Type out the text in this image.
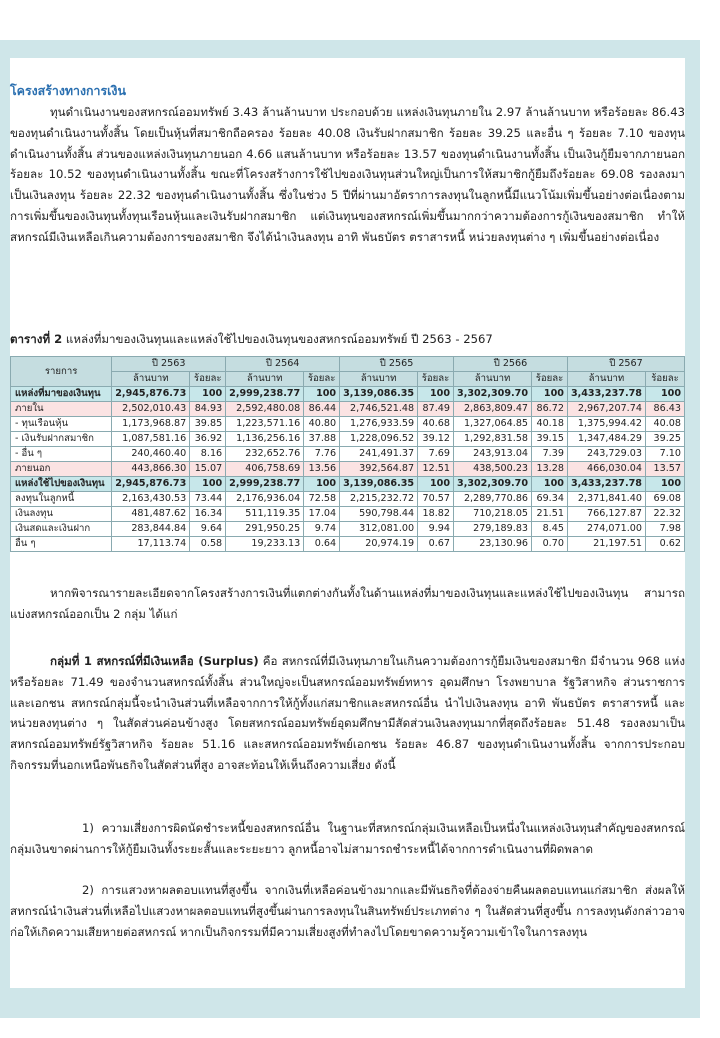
โครงสร้างทางการเงิน

ทุนดำเนินงานของสหกรณ์ออมทรัพย์ 3.43 ล้านล้านบาท ประกอบด้วย แหล่งเงินทุนภายใน 2.97 ล้านล้านบาท หรือร้อยละ 86.43 ของทุนดำเนินงานทั้งสิ้น โดยเป็นหุ้นที่สมาชิกถือครอง ร้อยละ 40.08 เงินรับฝากสมาชิก ร้อยละ 39.25 และอื่น ๆ ร้อยละ 7.10 ของทุนดำเนินงานทั้งสิ้น ส่วนของแหล่งเงินทุนภายนอก 4.66 แสนล้านบาท หรือร้อยละ 13.57 ของทุนดำเนินงานทั้งสิ้น เป็นเงินกู้ยืมจากภายนอก ร้อยละ 10.52 ของทุนดำเนินงานทั้งสิ้น ขณะที่โครงสร้างการใช้ไปของเงินทุนส่วนใหญ่เป็นการให้สมาชิกกู้ยืมถึงร้อยละ 69.08 รองลงมาเป็นเงินลงทุน ร้อยละ 22.32 ของทุนดำเนินงานทั้งสิ้น ซึ่งในช่วง 5 ปีที่ผ่านมาอัตราการลงทุนในลูกหนี้มีแนวโน้มเพิ่มขึ้นอย่างต่อเนื่องตามการเพิ่มขึ้นของเงินทุนทั้งทุนเรือนหุ้นและเงินรับฝากสมาชิก แต่เงินทุนของสหกรณ์เพิ่มขึ้นมากกว่าความต้องการกู้เงินของสมาชิก ทำให้สหกรณ์มีเงินเหลือเกินความต้องการของสมาชิก จึงได้นำเงินลงทุน อาทิ พันธบัตร ตราสารหนี้ หน่วยลงทุนต่าง ๆ เพิ่มขึ้นอย่างต่อเนื่อง

ตารางที่ 2 แหล่งที่มาของเงินทุนและแหล่งใช้ไปของเงินทุนของสหกรณ์ออมทรัพย์ ปี 2563 - 2567
รายการ	ปี 2563		ปี 2564		ปี 2565		ปี 2566		ปี 2567	
	ล้านบาท	ร้อยละ	ล้านบาท	ร้อยละ	ล้านบาท	ร้อยละ	ล้านบาท	ร้อยละ	ล้านบาท	ร้อยละ
แหล่งที่มาของเงินทุน	2,945,876.73	100	2,999,238.77	100	3,139,086.35	100	3,302,309.70	100	3,433,237.78	100
ภายใน	2,502,010.43	84.93	2,592,480.08	86.44	2,746,521.48	87.49	2,863,809.47	86.72	2,967,207.74	86.43
- ทุนเรือนหุ้น	1,173,968.87	39.85	1,223,571.16	40.80	1,276,933.59	40.68	1,327,064.85	40.18	1,375,994.42	40.08
- เงินรับฝากสมาชิก	1,087,581.16	36.92	1,136,256.16	37.88	1,228,096.52	39.12	1,292,831.58	39.15	1,347,484.29	39.25
- อื่น ๆ	240,460.40	8.16	232,652.76	7.76	241,491.37	7.69	243,913.04	7.39	243,729.03	7.10
ภายนอก	443,866.30	15.07	406,758.69	13.56	392,564.87	12.51	438,500.23	13.28	466,030.04	13.57
แหล่งใช้ไปของเงินทุน	2,945,876.73	100	2,999,238.77	100	3,139,086.35	100	3,302,309.70	100	3,433,237.78	100
ลงทุนในลูกหนี้	2,163,430.53	73.44	2,176,936.04	72.58	2,215,232.72	70.57	2,289,770.86	69.34	2,371,841.40	69.08
เงินลงทุน	481,487.62	16.34	511,119.35	17.04	590,798.44	18.82	710,218.05	21.51	766,127.87	22.32
เงินสดและเงินฝาก	283,844.84	9.64	291,950.25	9.74	312,081.00	9.94	279,189.83	8.45	274,071.00	7.98
อื่น ๆ	17,113.74	0.58	19,233.13	0.64	20,974.19	0.67	23,130.96	0.70	21,197.51	0.62

หากพิจารณารายละเอียดจากโครงสร้างการเงินที่แตกต่างกันทั้งในด้านแหล่งที่มาของเงินทุนและแหล่งใช้ไปของเงินทุน สามารถแบ่งสหกรณ์ออกเป็น 2 กลุ่ม ได้แก่

กลุ่มที่ 1 สหกรณ์ที่มีเงินเหลือ (Surplus) คือ สหกรณ์ที่มีเงินทุนภายในเกินความต้องการกู้ยืมเงินของสมาชิก มีจำนวน 968 แห่ง หรือร้อยละ 71.49 ของจำนวนสหกรณ์ทั้งสิ้น ส่วนใหญ่จะเป็นสหกรณ์ออมทรัพย์ทหาร อุดมศึกษา โรงพยาบาล รัฐวิสาหกิจ ส่วนราชการ และเอกชน สหกรณ์กลุ่มนี้จะนำเงินส่วนที่เหลือจากการให้กู้ทั้งแก่สมาชิกและสหกรณ์อื่น นำไปเงินลงทุน อาทิ พันธบัตร ตราสารหนี้ และหน่วยลงทุนต่าง ๆ ในสัดส่วนค่อนข้างสูง โดยสหกรณ์ออมทรัพย์อุดมศึกษามีสัดส่วนเงินลงทุนมากที่สุดถึงร้อยละ 51.48 รองลงมาเป็นสหกรณ์ออมทรัพย์รัฐวิสาหกิจ ร้อยละ 51.16 และสหกรณ์ออมทรัพย์เอกชน ร้อยละ 46.87 ของทุนดำเนินงานทั้งสิ้น จากการประกอบกิจกรรมที่นอกเหนือพันธกิจในสัดส่วนที่สูง อาจสะท้อนให้เห็นถึงความเสี่ยง ดังนี้

1) ความเสี่ยงการผิดนัดชำระหนี้ของสหกรณ์อื่น ในฐานะที่สหกรณ์กลุ่มเงินเหลือเป็นหนึ่งในแหล่งเงินทุนสำคัญของสหกรณ์กลุ่มเงินขาดผ่านการให้กู้ยืมเงินทั้งระยะสั้นและระยะยาว ลูกหนี้อาจไม่สามารถชำระหนี้ได้จากการดำเนินงานที่ผิดพลาด

2) การแสวงหาผลตอบแทนที่สูงขึ้น จากเงินที่เหลือค่อนข้างมากและมีพันธกิจที่ต้องจ่ายคืนผลตอบแทนแก่สมาชิก ส่งผลให้สหกรณ์นำเงินส่วนที่เหลือไปแสวงหาผลตอบแทนที่สูงขึ้นผ่านการลงทุนในสินทรัพย์ประเภทต่าง ๆ ในสัดส่วนที่สูงขึ้น การลงทุนดังกล่าวอาจก่อให้เกิดความเสียหายต่อสหกรณ์ หากเป็นกิจกรรมที่มีความเสี่ยงสูงที่ทำลงไปโดยขาดความรู้ความเข้าใจในการลงทุน
